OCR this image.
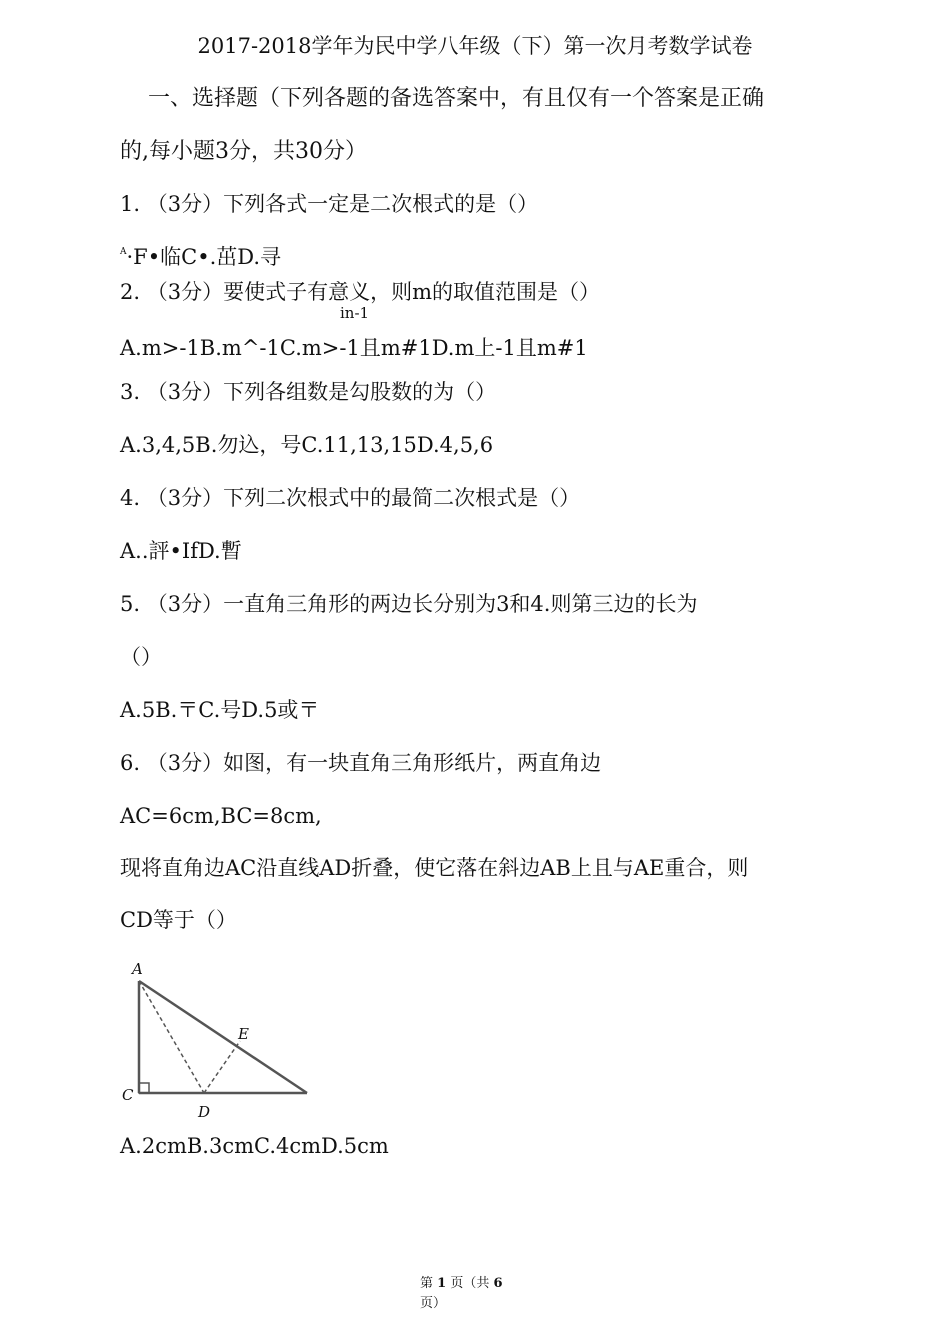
2017-2018学年为民中学八年级（下）第一次月考数学试卷
一、选择题（下列各题的备选答案中，有且仅有一个答案是正确
的,每小题3分，共30分）
1. （3分）下列各式一定是二次根式的是（）
$^A$·F•临C•.茁D.寻
2. （3分）要使式子有意义，则m的取值范围是（）
in-1
A.m>-1B.m^-1C.m>-1且m#1D.m上-1且m#1
3. （3分）下列各组数是勾股数的为（）
A.3,4,5B.勿込，号C.11,13,15D.4,5,6
4. （3分）下列二次根式中的最简二次根式是（）
A..評•IfD.暫
5. （3分）一直角三角形的两边长分别为3和4.则第三边的长为
（）
A.5B.〒C.号D.5或〒
6. （3分）如图，有一块直角三角形纸片，两直角边
AC=6cm,BC=8cm,
现将直角边AC沿直线AD折叠，使它落在斜边AB上且与AE重合，则
CD等于（）
A
C
D
E
A.2cmB.3cmC.4cmD.5cm
第 1 页（共 6
页）
